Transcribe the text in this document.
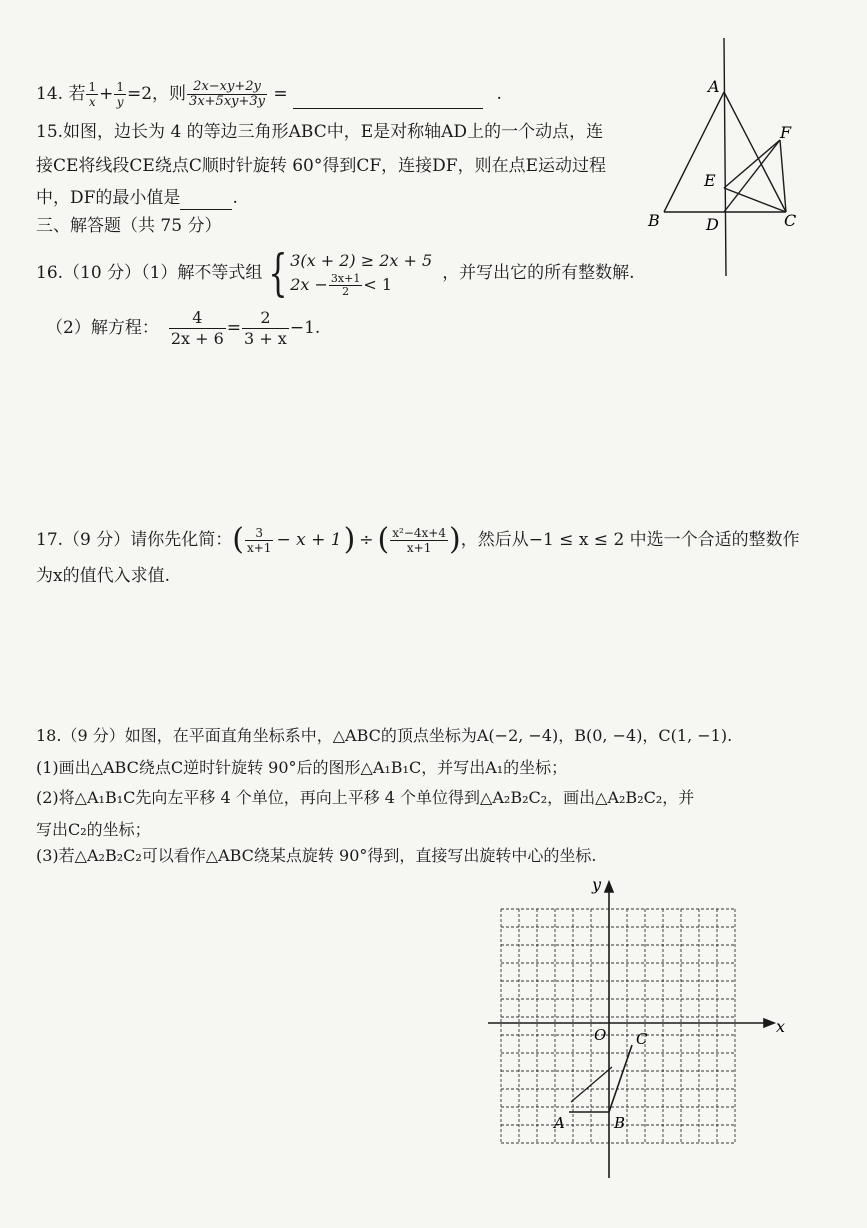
14. 若 $\frac{1}{x} + \frac{1}{y} =2$，则 $\frac{2x-xy+2y}{3x+5xy+3y}$ =	.
15.如图，边长为 4 的等边三角形ABC中，E是对称轴AD上的一个动点，连
接CE将线段CE绕点C顺时针旋转 60°得到CF，连接DF，则在点E运动过程
中，DF的最小值是	.
三、解答题（共 75 分）
16.（10 分）（1）解不等式组 { 3(x + 2) ≥ 2x + 5
$2x - \frac{3x+1}{2} < 1$
，并写出它的所有整数解.
（2）解方程： $\frac{4}{2x + 6} = \frac{2}{3 + x} -1$.
17.（9 分）请你先化简： ( $\frac{3}{x+1} - x + 1$ ) ÷ ( $\frac{\text{x²−4x+4}}{x+1}$ ) ，然后从−1 ≤ x ≤ 2 中选一个合适的整数作
为x的值代入求值.
18.（9 分）如图，在平面直角坐标系中，△ABC的顶点坐标为A(−2, −4)，B(0, −4)，C(1, −1).
(1)画出△ABC绕点C逆时针旋转 90°后的图形△A₁B₁C，并写出A₁的坐标；
(2)将△A₁B₁C先向左平移 4 个单位，再向上平移 4 个单位得到△A₂B₂C₂，画出△A₂B₂C₂，并
写出C₂的坐标；
(3)若△A₂B₂C₂可以看作△ABC绕某点旋转 90°得到，直接写出旋转中心的坐标.
A
B	C
D
E
F
y
x
O C
A	B
